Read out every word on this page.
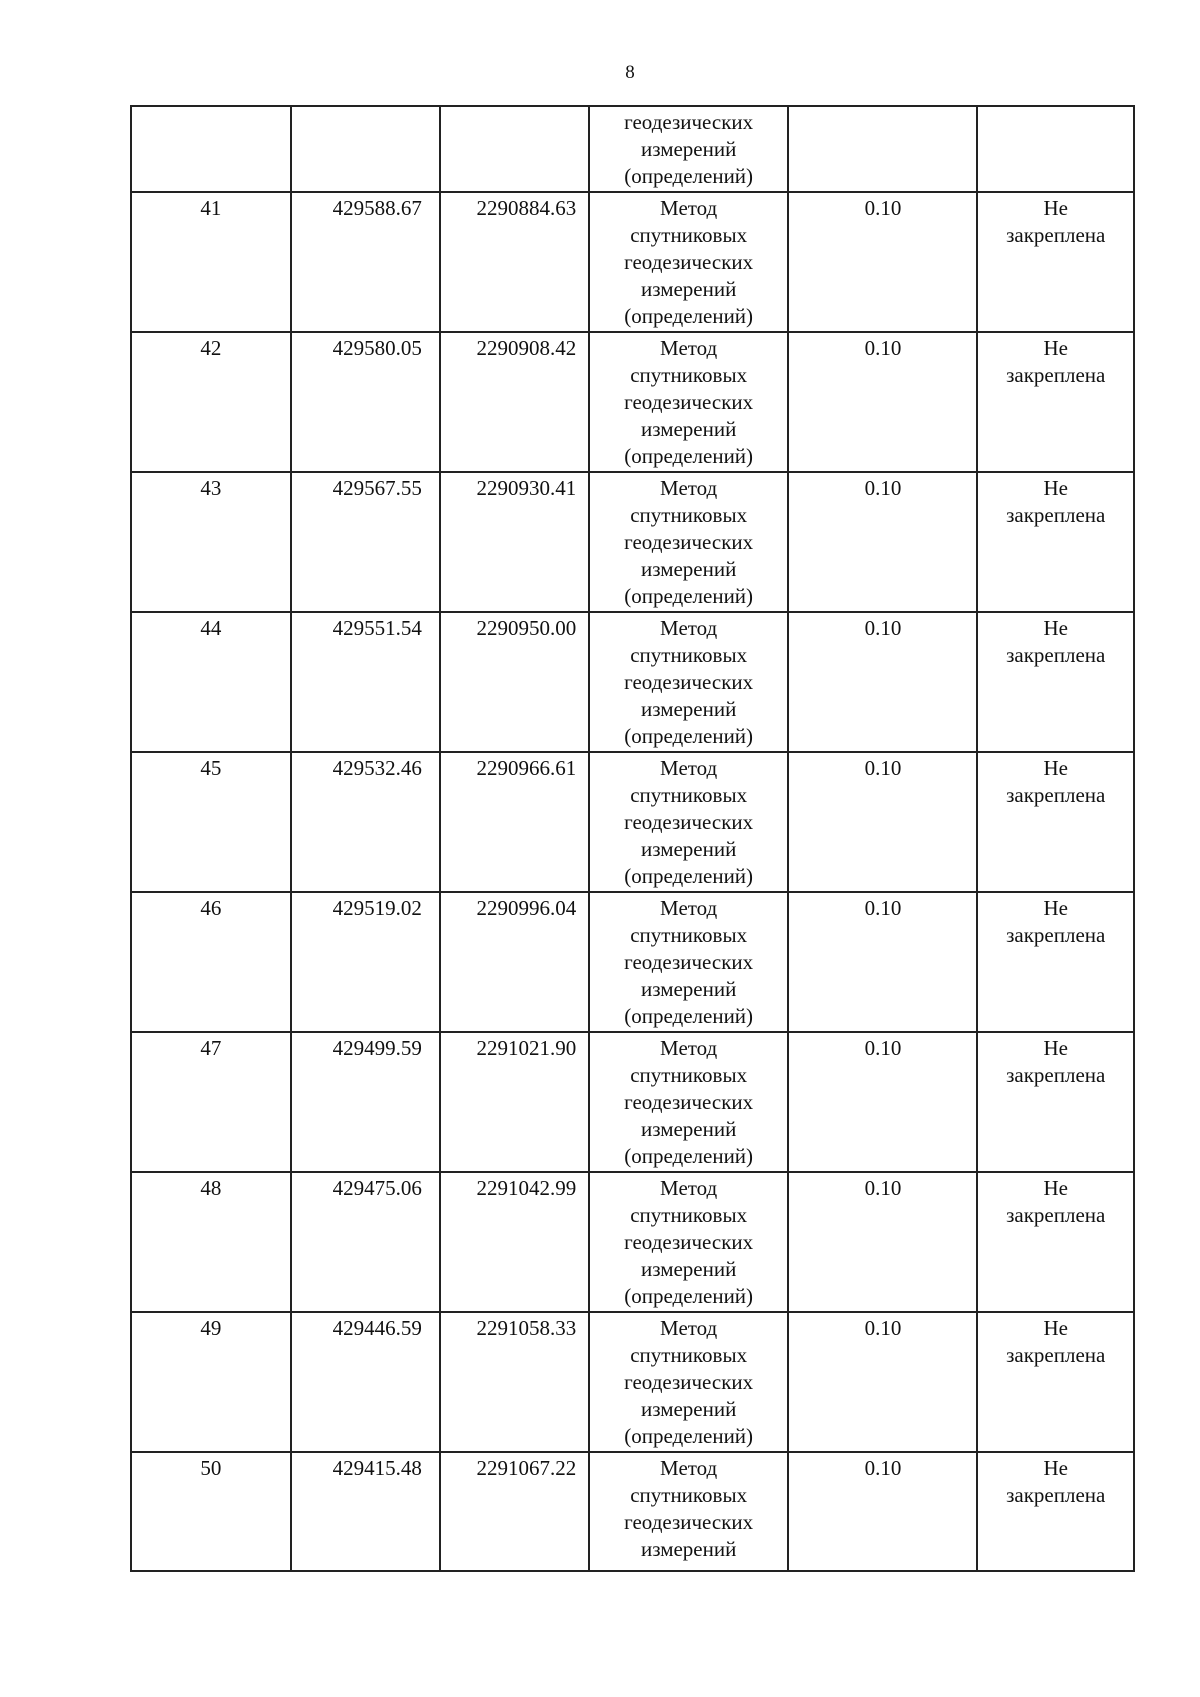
8

			геодезических
измерений
(определений)		

41	429588.67	2290884.63	Метод
спутниковых
геодезических
измерений
(определений)	0.10	Не
закреплена

42	429580.05	2290908.42	Метод
спутниковых
геодезических
измерений
(определений)	0.10	Не
закреплена

43	429567.55	2290930.41	Метод
спутниковых
геодезических
измерений
(определений)	0.10	Не
закреплена

44	429551.54	2290950.00	Метод
спутниковых
геодезических
измерений
(определений)	0.10	Не
закреплена

45	429532.46	2290966.61	Метод
спутниковых
геодезических
измерений
(определений)	0.10	Не
закреплена

46	429519.02	2290996.04	Метод
спутниковых
геодезических
измерений
(определений)	0.10	Не
закреплена

47	429499.59	2291021.90	Метод
спутниковых
геодезических
измерений
(определений)	0.10	Не
закреплена

48	429475.06	2291042.99	Метод
спутниковых
геодезических
измерений
(определений)	0.10	Не
закреплена

49	429446.59	2291058.33	Метод
спутниковых
геодезических
измерений
(определений)	0.10	Не
закреплена

50	429415.48	2291067.22	Метод
спутниковых
геодезических
измерений	0.10	Не
закреплена
